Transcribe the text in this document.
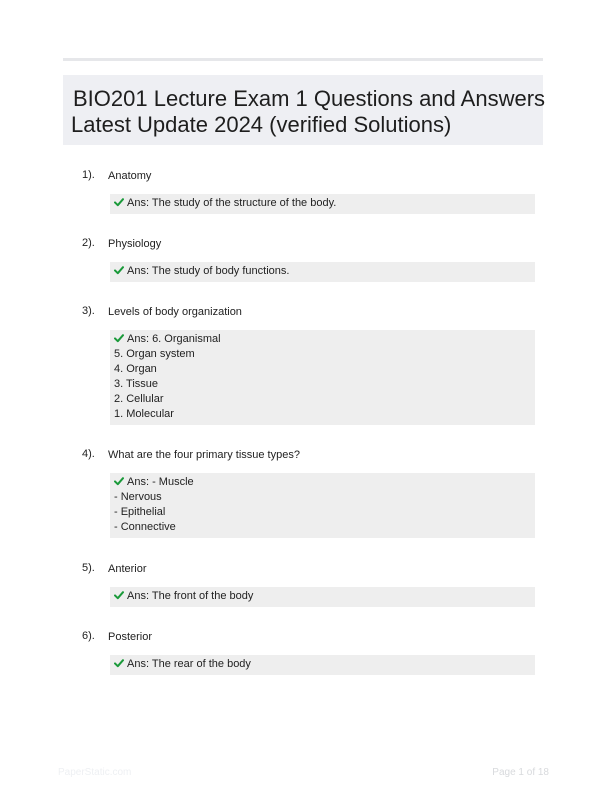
BIO201 Lecture Exam 1 Questions and Answers
Latest Update 2024 (verified Solutions)
1). Anatomy
Ans: The study of the structure of the body.
2). Physiology
Ans: The study of body functions.
3). Levels of body organization
Ans: 6. Organismal
5. Organ system
4. Organ
3. Tissue
2. Cellular
1. Molecular
4). What are the four primary tissue types?
Ans: - Muscle
- Nervous
- Epithelial
- Connective
5). Anterior
Ans: The front of the body
6). Posterior
Ans: The rear of the body
PaperStatic.com	Page 1 of 18
